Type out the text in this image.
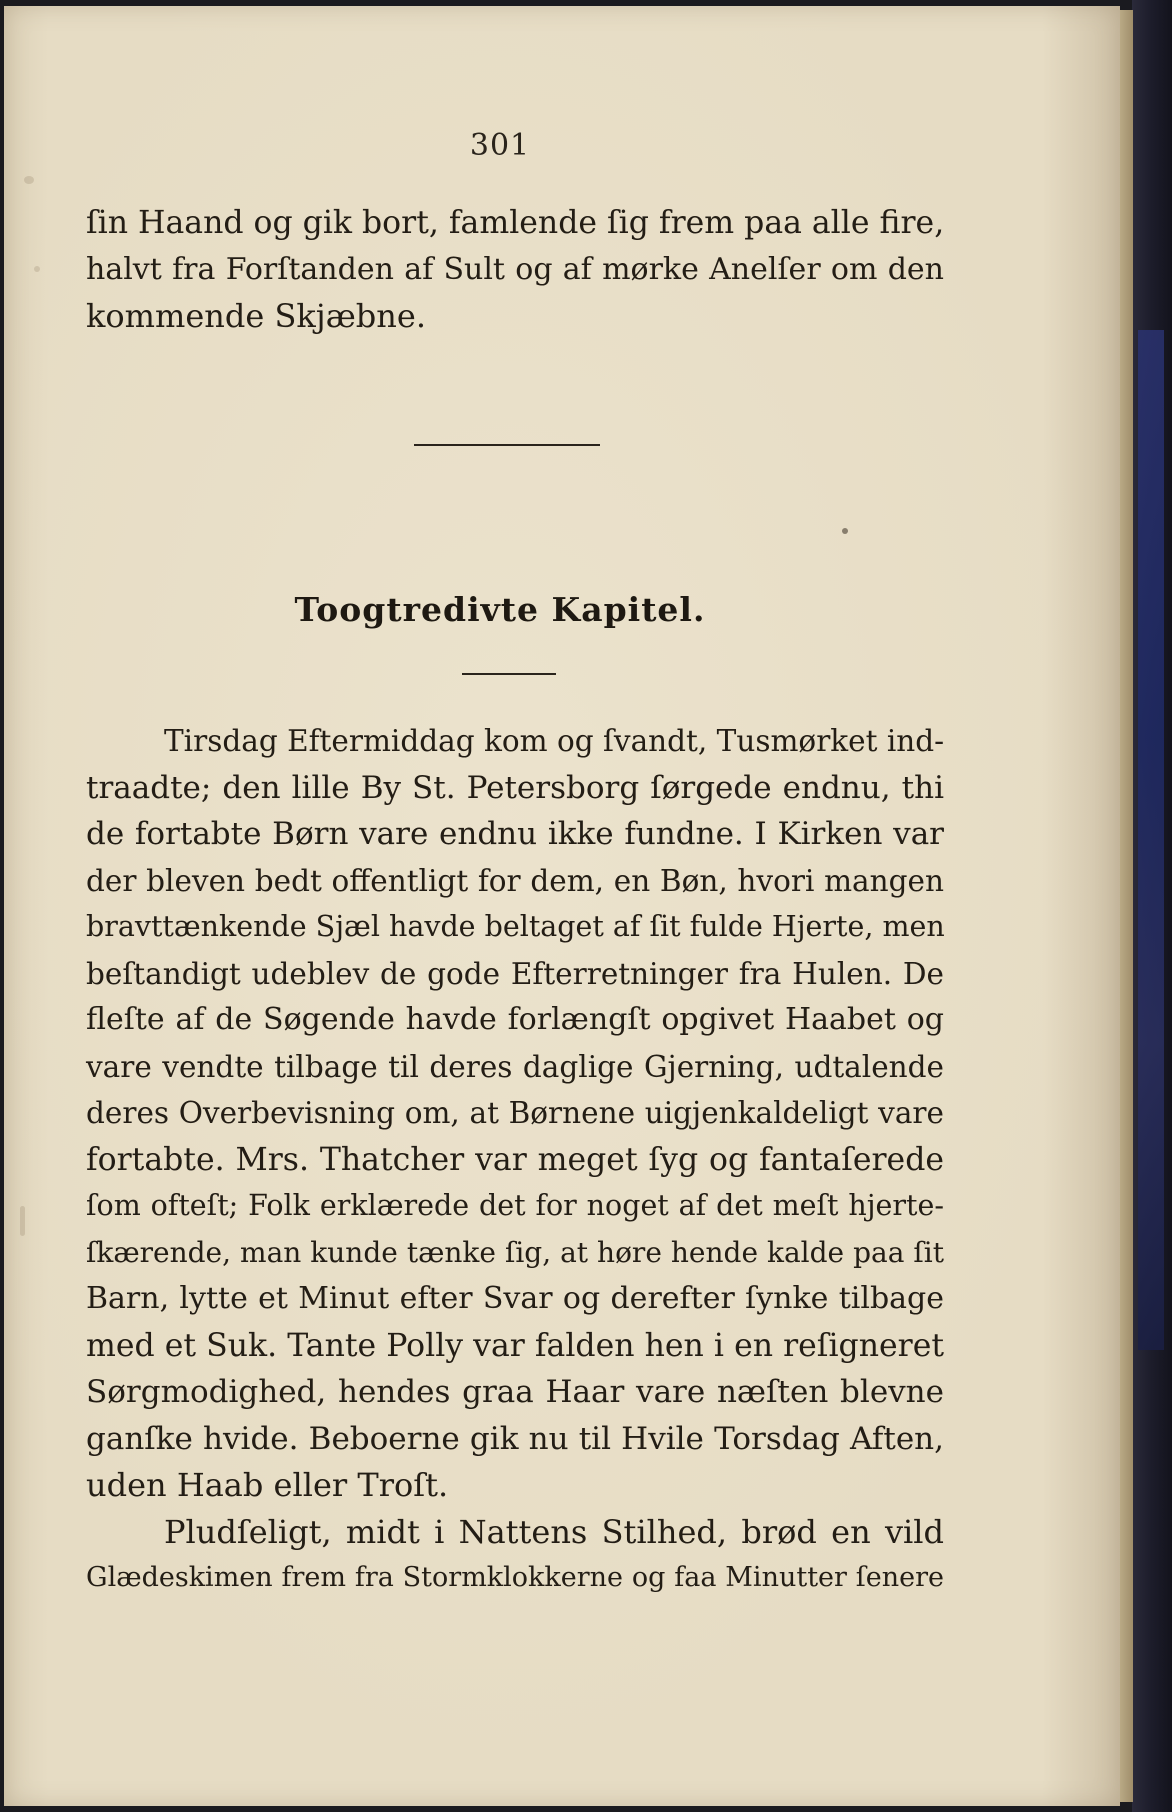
301
ſin Haand og gik bort, famlende ſig frem paa alle fire,
halvt fra Forſtanden af Sult og af mørke Anelſer om den
kommende Skjæbne.
Toogtredivte Kapitel.
Tirsdag Eftermiddag kom og ſvandt, Tusmørket ind-
traadte; den lille By St. Petersborg ſørgede endnu, thi
de fortabte Børn vare endnu ikke fundne. I Kirken var
der bleven bedt offentligt for dem, en Bøn, hvori mangen
bravttænkende Sjæl havde beltaget af ſit fulde Hjerte, men
beſtandigt udeblev de gode Efterretninger fra Hulen. De
fleſte af de Søgende havde forlængſt opgivet Haabet og
vare vendte tilbage til deres daglige Gjerning, udtalende
deres Overbevisning om, at Børnene uigjenkaldeligt vare
fortabte. Mrs. Thatcher var meget ſyg og fantaſerede
ſom ofteſt; Folk erklærede det for noget af det meſt hjerte-
ſkærende, man kunde tænke ſig, at høre hende kalde paa ſit
Barn, lytte et Minut efter Svar og derefter ſynke tilbage
med et Suk. Tante Polly var falden hen i en reſigneret
Sørgmodighed, hendes graa Haar vare næſten blevne
ganſke hvide. Beboerne gik nu til Hvile Torsdag Aften,
uden Haab eller Troſt.
Pludſeligt, midt i Nattens Stilhed, brød en vild
Glædeskimen frem fra Stormklokkerne og faa Minutter ſenere
